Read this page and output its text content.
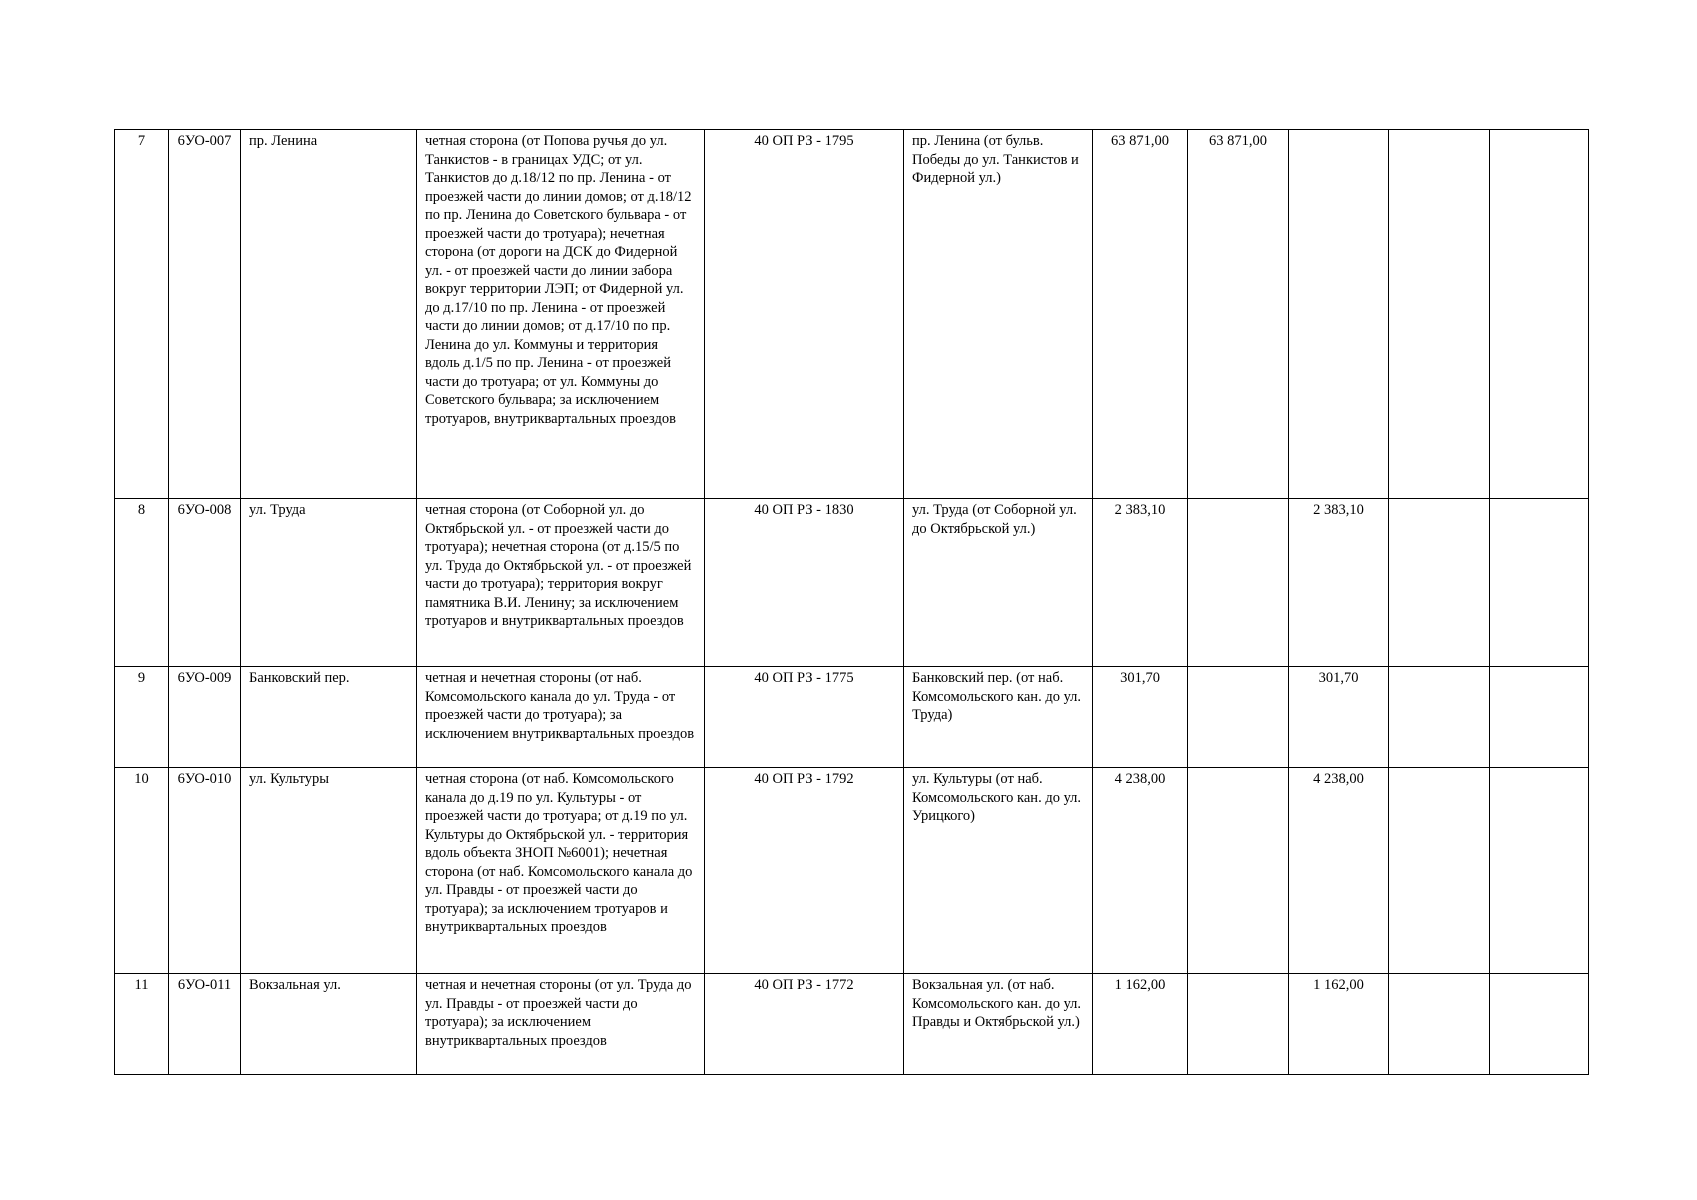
7	6УО-007	пр. Ленина	четная сторона (от Попова ручья до ул. Танкистов - в границах УДС; от ул. Танкистов до д.18/12 по пр. Ленина - от проезжей части до линии домов; от д.18/12 по пр. Ленина до Советского бульвара - от проезжей части до тротуара); нечетная сторона (от дороги на ДСК до Фидерной ул. - от проезжей части до линии забора вокруг территории ЛЭП; от Фидерной ул. до д.17/10 по пр. Ленина - от проезжей части до линии домов; от д.17/10 по пр. Ленина до ул. Коммуны и территория вдоль д.1/5 по пр. Ленина - от проезжей части до тротуара; от ул. Коммуны до Советского бульвара; за исключением тротуаров, внутриквартальных проездов	40 ОП РЗ - 1795	пр. Ленина (от бульв. Победы до ул. Танкистов и Фидерной ул.)	63 871,00	63 871,00			
8	6УО-008	ул. Труда	четная сторона (от Соборной ул. до Октябрьской ул. - от проезжей части до тротуара); нечетная сторона (от д.15/5 по ул. Труда до Октябрьской ул. - от проезжей части до тротуара); территория вокруг памятника В.И. Ленину; за исключением тротуаров и внутриквартальных проездов	40 ОП РЗ - 1830	ул. Труда (от Соборной ул. до Октябрьской ул.)	2 383,10		2 383,10		
9	6УО-009	Банковский пер.	четная и нечетная стороны (от наб. Комсомольского канала до ул. Труда - от проезжей части до тротуара); за исключением внутриквартальных проездов	40 ОП РЗ - 1775	Банковский пер. (от наб. Комсомольского кан. до ул. Труда)	301,70		301,70		
10	6УО-010	ул. Культуры	четная сторона (от наб. Комсомольского канала до д.19 по ул. Культуры - от проезжей части до тротуара; от д.19 по ул. Культуры до Октябрьской ул. - территория вдоль объекта ЗНОП №6001); нечетная сторона (от наб. Комсомольского канала до ул. Правды - от проезжей части до тротуара); за исключением тротуаров и внутриквартальных проездов	40 ОП РЗ - 1792	ул. Культуры (от наб. Комсомольского кан. до ул. Урицкого)	4 238,00		4 238,00		
11	6УО-011	Вокзальная ул.	четная и нечетная стороны (от ул. Труда до ул. Правды - от проезжей части до тротуара); за исключением внутриквартальных проездов	40 ОП РЗ - 1772	Вокзальная ул. (от наб. Комсомольского кан. до ул. Правды и Октябрьской ул.)	1 162,00		1 162,00		
